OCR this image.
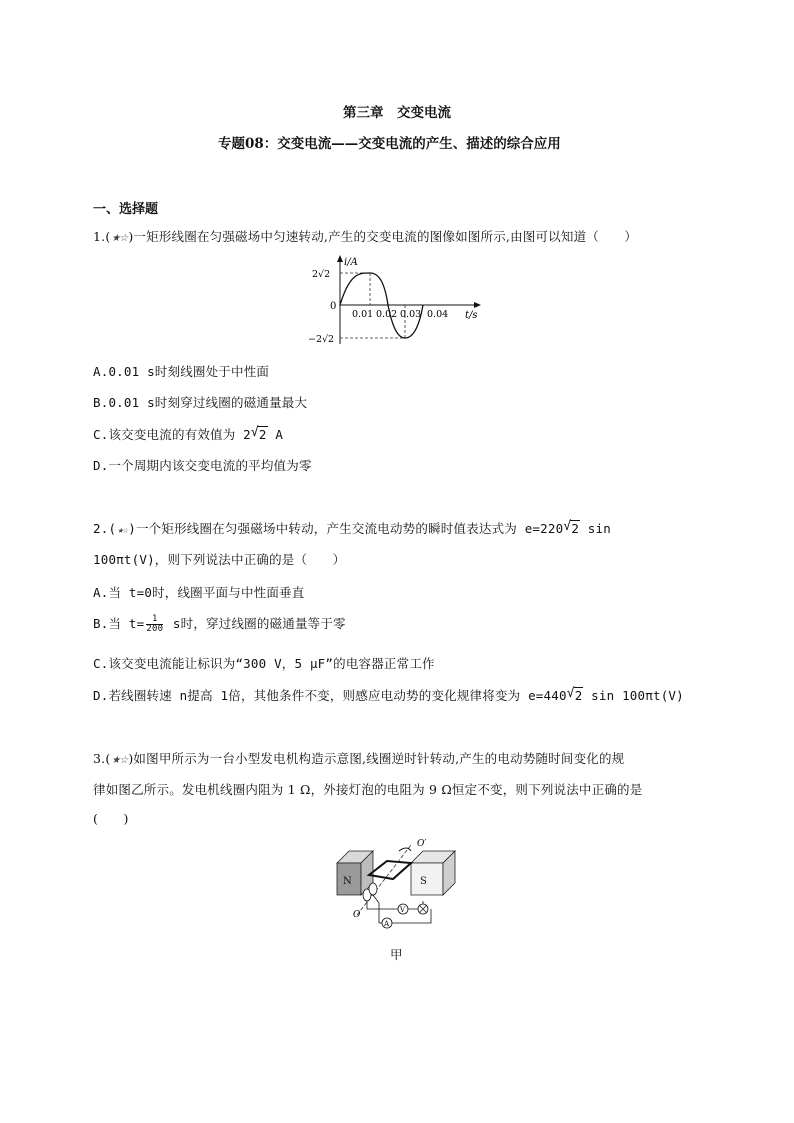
第三章　交变电流
专题08：交变电流——交变电流的产生、描述的综合应用
一、选择题
1.(★☆)一矩形线圈在匀强磁场中匀速转动,产生的交变电流的图像如图所示,由图可以知道（　　）
i/A
t/s
0
2√2
−2√2
0.01 0.02 0.03 0.04
A.0.01 s时刻线圈处于中性面
B.0.01 s时刻穿过线圈的磁通量最大
C.该交变电流的有效值为 2 √ 2 A
D.一个周期内该交变电流的平均值为零
2.(★☆)一个矩形线圈在匀强磁场中转动，产生交流电动势的瞬时值表达式为 e=220 √ 2 sin
100πt(V)，则下列说法中正确的是（　　）
A.当 t=0时，线圈平面与中性面垂直
B.当 $t= \frac{1}{200}$ s时，穿过线圈的磁通量等于零
C.该交变电流能让标识为“300 V，5 μF”的电容器正常工作
D.若线圈转速 n提高 1倍，其他条件不变，则感应电动势的变化规律将变为 e=440 √ 2 sin 100πt(V)
3.(★☆)如图甲所示为一台小型发电机构造示意图,线圈逆时针转动,产生的电动势随时间变化的规
律如图乙所示。发电机线圈内阻为 1 Ω，外接灯泡的电阻为 9 Ω恒定不变，则下列说法中正确的是
(　　)
N	S
O′
O	V
A
甲
